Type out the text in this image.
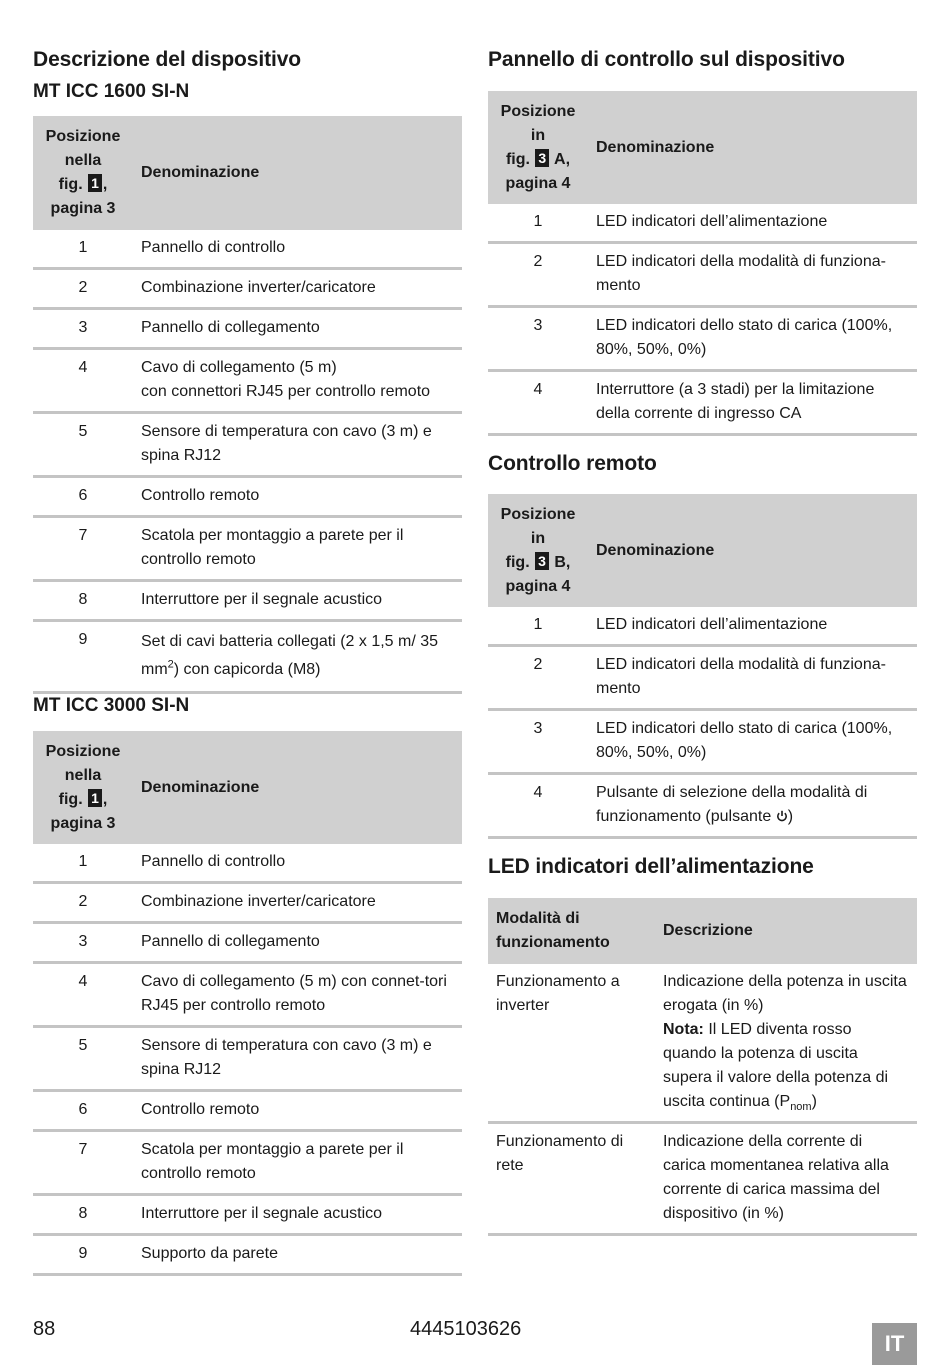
Descrizione del dispositivo
MT ICC 1600 SI-N
Posizione nella
fig. 1 ,
pagina 3	Denominazione
1	Pannello di controllo
2	Combinazione inverter/caricatore
3	Pannello di collegamento
4	Cavo di collegamento (5 m)
con connettori RJ45 per controllo remoto
5	Sensore di temperatura con cavo (3 m) e spina RJ12
6	Controllo remoto
7	Scatola per montaggio a parete per il controllo remoto
8	Interruttore per il segnale acustico
9	Set di cavi batteria collegati (2 x 1,5 m/ 35 $mm^2$) con capicorda (M8)
MT ICC 3000 SI-N
Posizione nella
fig. 1 ,
pagina 3	Denominazione
1	Pannello di controllo
2	Combinazione inverter/caricatore
3	Pannello di collegamento
4	Cavo di collegamento (5 m) con connet-tori RJ45 per controllo remoto
5	Sensore di temperatura con cavo (3 m) e spina RJ12
6	Controllo remoto
7	Scatola per montaggio a parete per il controllo remoto
8	Interruttore per il segnale acustico
9	Supporto da parete
Pannello di controllo sul dispositivo
Posizione in
fig. 3 A,
pagina 4	Denominazione
1	LED indicatori dell’alimentazione
2	LED indicatori della modalità di funziona-mento
3	LED indicatori dello stato di carica (100%, 80%, 50%, 0%)
4	Interruttore (a 3 stadi) per la limitazione della corrente di ingresso CA
Controllo remoto
Posizione in
fig. 3 B,
pagina 4	Denominazione
1	LED indicatori dell’alimentazione
2	LED indicatori della modalità di funziona-mento
3	LED indicatori dello stato di carica (100%, 80%, 50%, 0%)
4	Pulsante di selezione della modalità di funzionamento (pulsante )
LED indicatori dell’alimentazione
Modalità di funzionamento	Descrizione
Funzionamento a inverter	Indicazione della potenza in uscita erogata (in %)
Nota: Il LED diventa rosso quando la potenza di uscita supera il valore della potenza di uscita continua $(P_{nom})$

Funzionamento di rete	Indicazione della corrente di carica momentanea relativa alla corrente di carica massima del dispositivo (in %)
88	4445103626
IT
